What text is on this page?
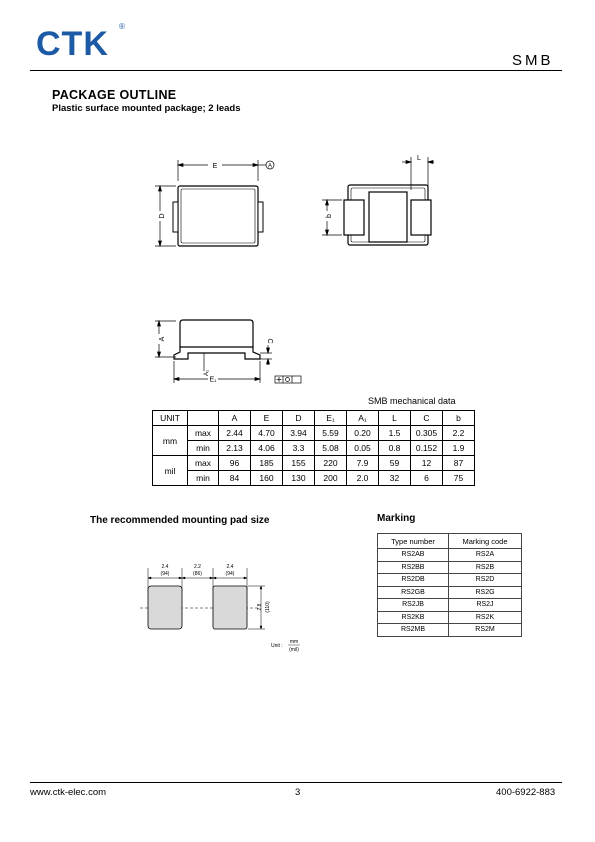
CTK ®
SMB
PACKAGE OUTLINE
Plastic surface mounted package; 2 leads
E	A
D
L
b
A	C
A₁
E₁
SMB mechanical data
UNIT		A	E	D	E₁	A₁	L	C	b
mm	max	2.44	4.70	3.94	5.59	0.20	1.5	0.305	2.2
	min	2.13	4.06	3.3	5.08	0.05	0.8	0.152	1.9
mil	max	96	185	155	220	7.9	59	12	87
	min	84	160	130	200	2.0	32	6	75
The recommended mounting pad size
2.4
(94)
2.2
(86)
2.4
(94)
2.8 (110)
Unit :
mm
(mil)
Marking
Type number	Marking code
RS2AB	RS2A
RS2BB	RS2B
RS2DB	RS2D
RS2GB	RS2G
RS2JB	RS2J
RS2KB	RS2K
RS2MB	RS2M
www.ctk-elec.com	3	400-6922-883
